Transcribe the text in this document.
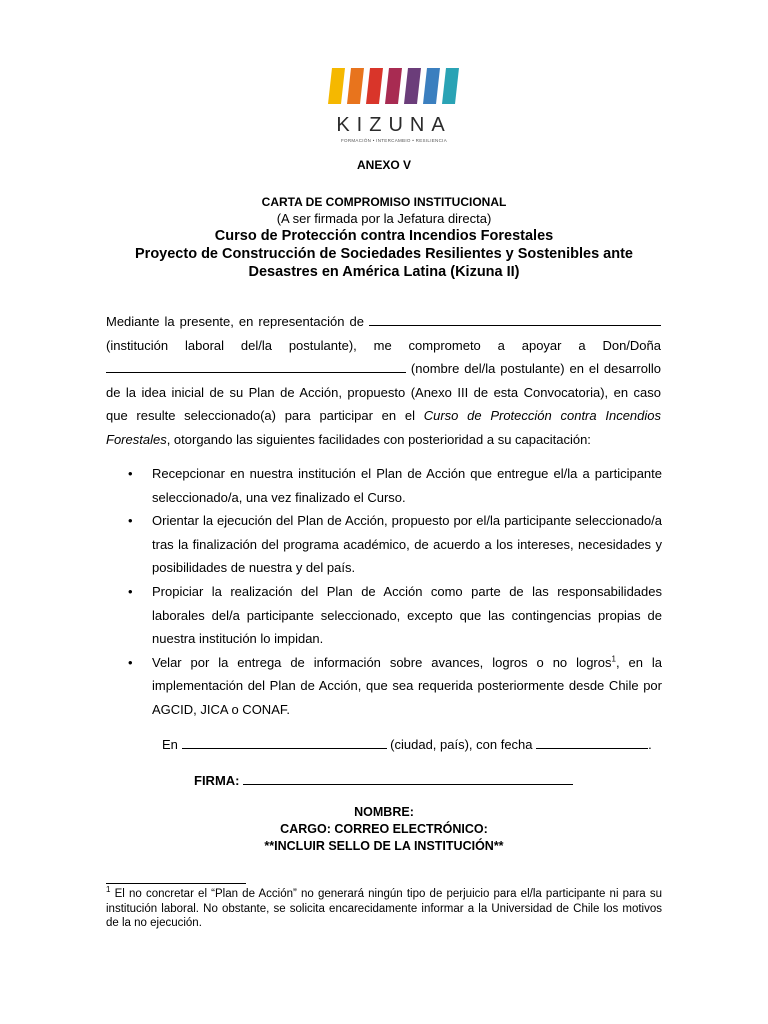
KIZUNA
FORMACIÓN • INTERCAMBIO • RESILIENCIA
ANEXO V
CARTA DE COMPROMISO INSTITUCIONAL
(A ser firmada por la Jefatura directa)
Curso de Protección contra Incendios Forestales
Proyecto de Construcción de Sociedades Resilientes y Sostenibles ante
Desastres en América Latina (Kizuna II)
Mediante la presente, en representación de
(institución laboral del/la postulante), me comprometo a apoyar a Don/Doña
(nombre del/la postulante) en el desarrollo
de la idea inicial de su Plan de Acción, propuesto (Anexo III de esta Convocatoria), en caso
que resulte seleccionado(a) para participar en el Curso de Protección contra Incendios
Forestales, otorgando las siguientes facilidades con posterioridad a su capacitación:
• Recepcionar en nuestra institución el Plan de Acción que entregue el/la a participante seleccionado/a, una vez finalizado el Curso.
• Orientar la ejecución del Plan de Acción, propuesto por el/la participante seleccionado/a tras la finalización del programa académico, de acuerdo a los intereses, necesidades y posibilidades de nuestra y del país.
• Propiciar la realización del Plan de Acción como parte de las responsabilidades laborales del/a participante seleccionado, excepto que las contingencias propias de nuestra institución lo impidan.
• Velar por la entrega de información sobre avances, logros o no logros$^1$, en la implementación del Plan de Acción, que sea requerida posteriormente desde Chile por AGCID, JICA o CONAF.
En	(ciudad, país), con fecha	.
FIRMA:
NOMBRE:
CARGO: CORREO ELECTRÓNICO:
**INCLUIR SELLO DE LA INSTITUCIÓN**
$^1$ El no concretar el “Plan de Acción” no generará ningún tipo de perjuicio para el/la participante ni para su institución laboral. No obstante, se solicita encarecidamente informar a la Universidad de Chile los motivos de la no ejecución.
